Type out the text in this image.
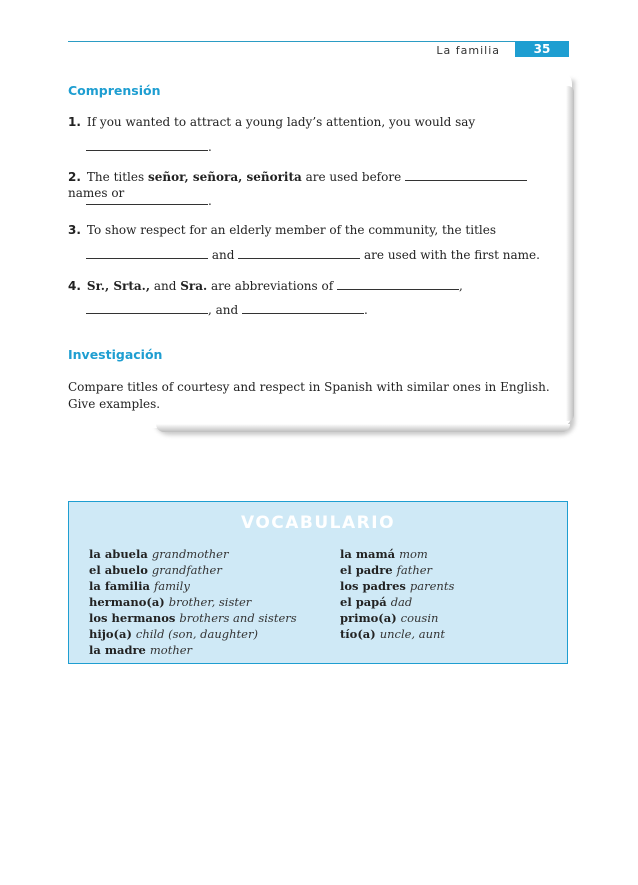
La familia	35
Comprensión
1. If you wanted to attract a young lady’s attention, you would say
.
2. The titles señor, señora, señorita are used before  names or
.
3. To show respect for an elderly member of the community, the titles
and	are used with the first name.
4. Sr., Srta., and Sra. are abbreviations of	,
, and	.
Investigación
Compare titles of courtesy and respect in Spanish with similar ones in English. Give examples.
VOCABULARIO
la abuela grandmother
el abuelo grandfather
la familia family
hermano(a) brother, sister
los hermanos brothers and sisters
hijo(a) child (son, daughter)
la madre mother
la mamá mom
el padre father
los padres parents
el papá dad
primo(a) cousin
tío(a) uncle, aunt
